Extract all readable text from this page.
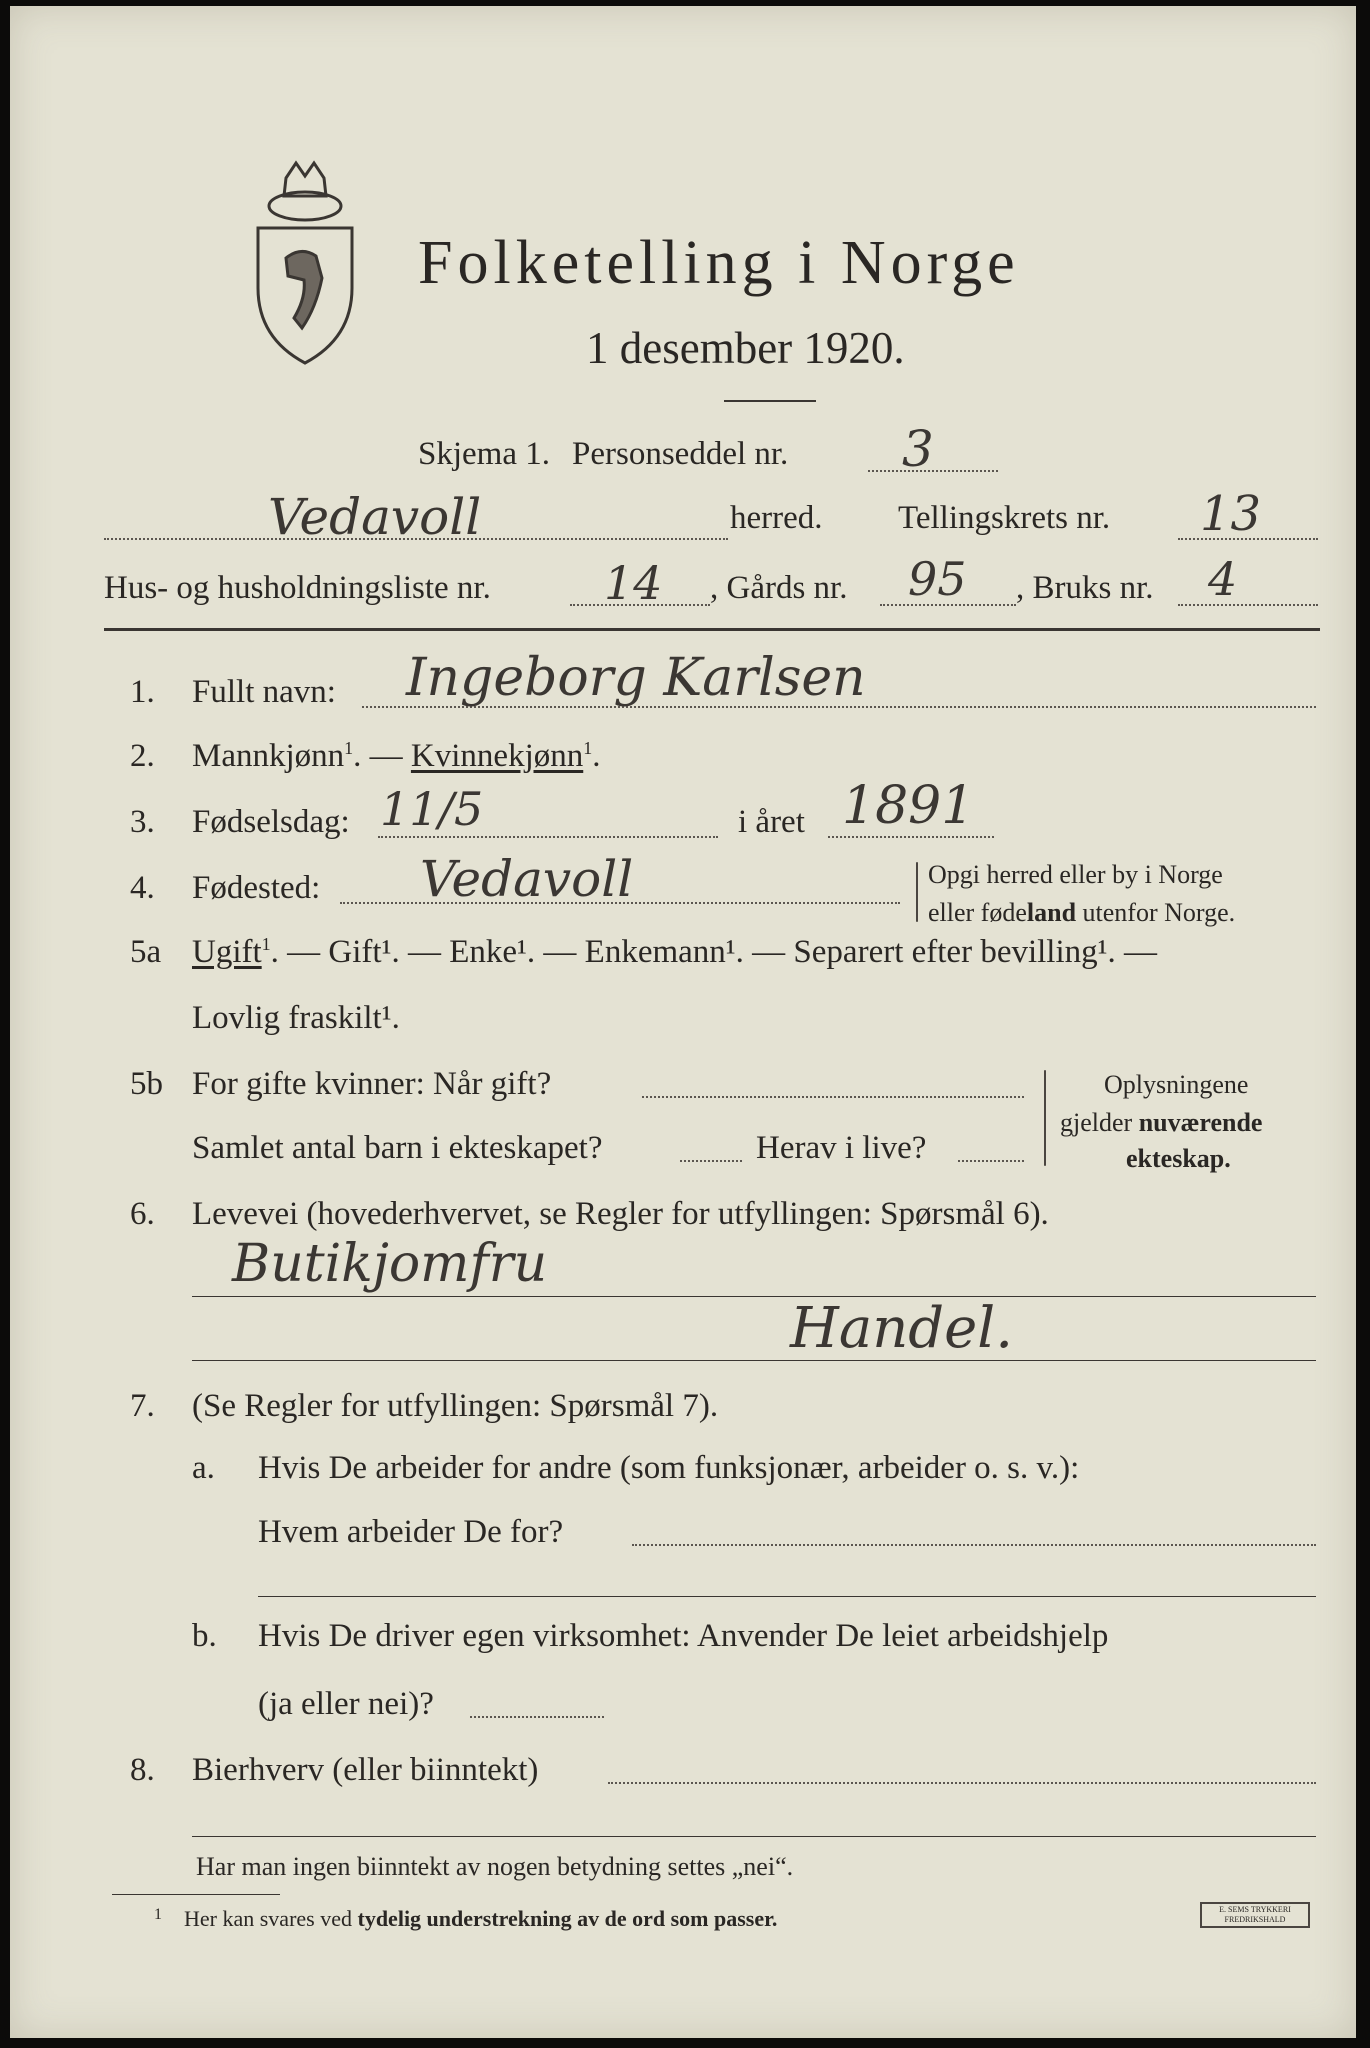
Folketelling i Norge
1 desember 1920.
Skjema 1. Personseddel nr. 3
Vedavoll	herred. Tellingskrets nr. 13
Hus- og husholdningsliste nr. 14 , Gårds nr. 95 , Bruks nr. 4
1. Fullt navn: Ingeborg Karlsen
2. Mannkjønn$^1$. — Kvinnekjønn$^1$.
3. Fødselsdag: 11/5	i året 1891
4. Fødested: Vedavoll	Opgi herred eller by i Norge
eller fødeland utenfor Norge.
5a Ugift$^1$. — Gift¹. — Enke¹. — Enkemann¹. — Separert efter bevilling¹. —
Lovlig fraskilt¹.
5b For gifte kvinner: Når gift?
Samlet antal barn i ekteskapet?	Herav i live?
Oplysningene
gjelder nuværende
ekteskap.
6. Levevei (hovederhvervet, se Regler for utfyllingen: Spørsmål 6).
Butikjomfru
Handel.
7. (Se Regler for utfyllingen: Spørsmål 7).
a. Hvis De arbeider for andre (som funksjonær, arbeider o. s. v.):
Hvem arbeider De for?
b. Hvis De driver egen virksomhet: Anvender De leiet arbeidshjelp
(ja eller nei)?
8. Bierhverv (eller biinntekt)
Har man ingen biinntekt av nogen betydning settes „nei“.
1 Her kan svares ved tydelig understrekning av de ord som passer.	E. SEMS TRYKKERI
FREDRIKSHALD
